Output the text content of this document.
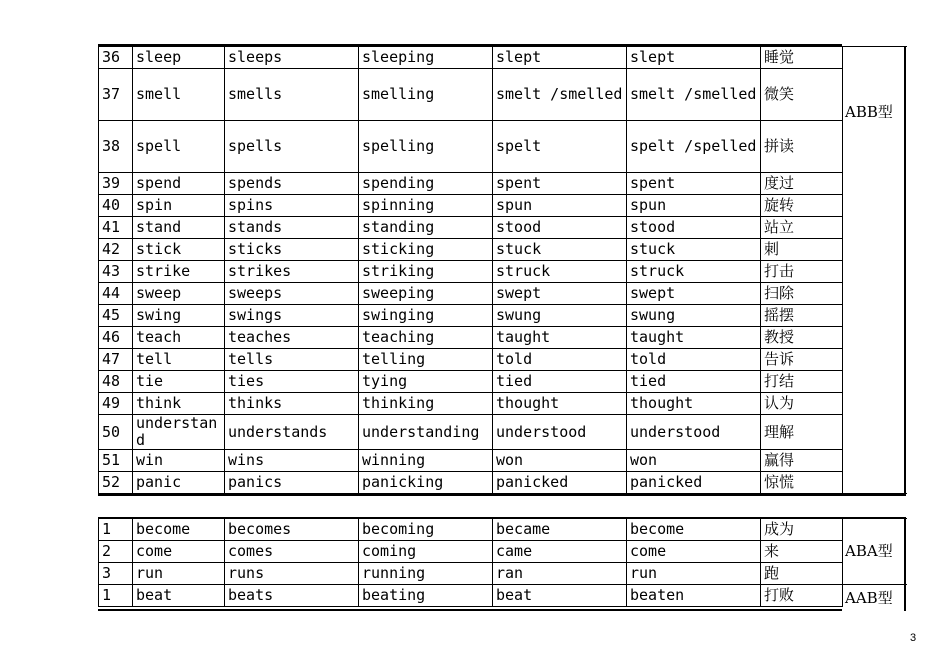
36	sleep	sleeps	sleeping	slept	slept	睡觉	ABB型
37	smell	smells	smelling	smelt /smelled	smelt /smelled	微笑	
38	spell	spells	spelling	spelt	spelt /spelled	拼读	
39	spend	spends	spending	spent	spent	度过	
40	spin	spins	spinning	spun	spun	旋转	
41	stand	stands	standing	stood	stood	站立	
42	stick	sticks	sticking	stuck	stuck	刺	
43	strike	strikes	striking	struck	struck	打击	
44	sweep	sweeps	sweeping	swept	swept	扫除	
45	swing	swings	swinging	swung	swung	摇摆	
46	teach	teaches	teaching	taught	taught	教授	
47	tell	tells	telling	told	told	告诉	
48	tie	ties	tying	tied	tied	打结	
49	think	thinks	thinking	thought	thought	认为	
50	understand	understands	understanding	understood	understood	理解	
51	win	wins	winning	won	won	赢得	
52	panic	panics	panicking	panicked	panicked	惊慌	
1	become	becomes	becoming	became	become	成为	ABA型
2	come	comes	coming	came	come	来	
3	run	runs	running	ran	run	跑	
1	beat	beats	beating	beat	beaten	打败	AAB型
3
